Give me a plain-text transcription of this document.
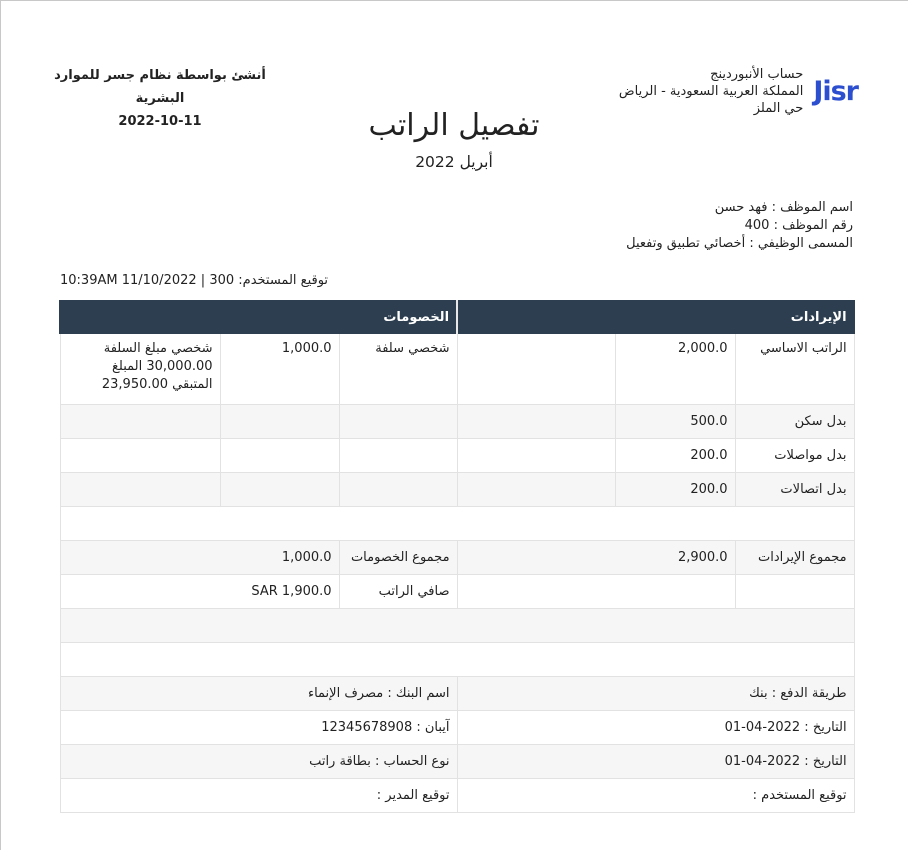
Jisr
حساب الأنبوردينج
المملكة العربية السعودية - الرياض
حي الملز
أنشئ بواسطة نظام جسر للموارد البشرية
2022-10-11	تفصيل الراتب
أبريل 2022
اسم الموظف : فهد حسن
رقم الموظف : 400
المسمى الوظيفي : أخصائي تطبيق وتفعيل
توقيع المستخدم: 300 | 11/10/2022 10:39AM
الإيرادات			الخصومات		
الراتب الاساسي	2,000.0		شخصي سلفة	1,000.0	شخصي مبلغ السلفة 30,000.00 المبلغ المتبقي 23,950.00
بدل سكن	500.0				
بدل مواصلات	200.0				
بدل اتصالات	200.0				

مجموع الإيرادات	2,900.0		مجموع الخصومات	1,000.0	
			صافي الراتب	SAR 1,900.0	

طريقة الدفع : بنك			اسم البنك : مصرف الإنماء		
التاريخ : 2022-04-01			آيبان : 12345678908		
التاريخ : 2022-04-01			نوع الحساب : بطاقة راتب		
توقيع المستخدم :			توقيع المدير :		
